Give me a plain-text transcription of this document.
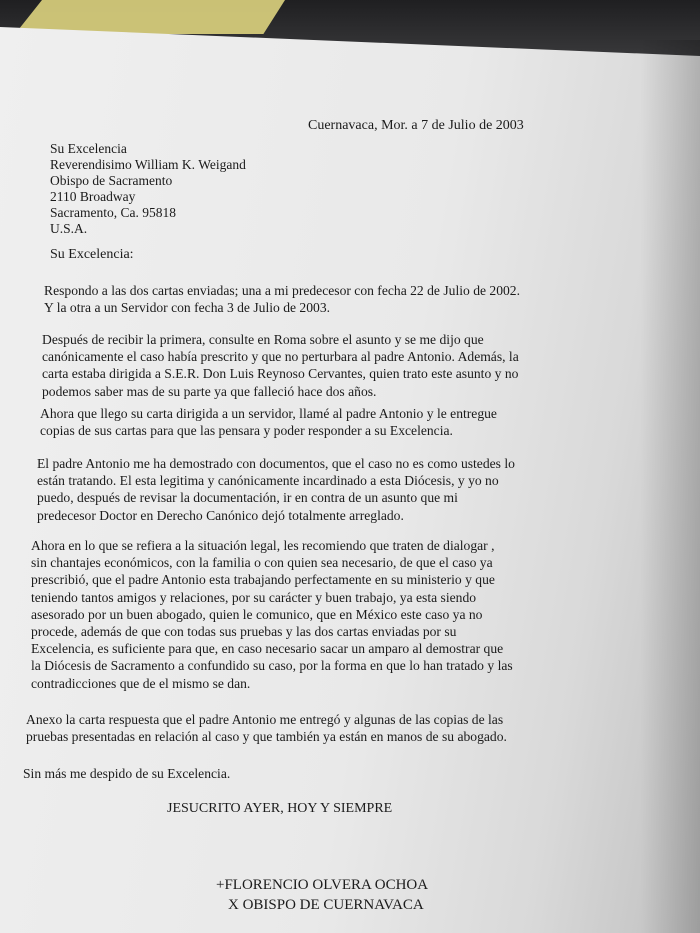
Cuernavaca, Mor. a 7 de Julio de 2003
Su Excelencia
Reverendisimo William K. Weigand
Obispo de Sacramento
2110 Broadway
Sacramento, Ca. 95818
U.S.A.
Su Excelencia:
Respondo a las dos cartas enviadas; una a mi predecesor con fecha 22 de Julio de 2002.
Y la otra a un Servidor con fecha 3 de Julio de 2003.
Después de recibir la primera, consulte en Roma sobre el asunto y se me dijo que
canónicamente el caso había prescrito y que no perturbara al padre Antonio. Además, la
carta estaba dirigida a S.E.R. Don Luis Reynoso Cervantes, quien trato este asunto y no
podemos saber mas de su parte ya que falleció hace dos años.
Ahora que llego su carta dirigida a un servidor, llamé al padre Antonio y le entregue
copias de sus cartas para que las pensara y poder responder a su Excelencia.
El padre Antonio me ha demostrado con documentos, que el caso no es como ustedes lo
están tratando. El esta legitima y canónicamente incardinado a esta Diócesis, y yo no
puedo, después de revisar la documentación, ir en contra de un asunto que mi
predecesor Doctor en Derecho Canónico dejó totalmente arreglado.
Ahora en lo que se refiera a la situación legal, les recomiendo que traten de dialogar ,
sin chantajes económicos, con la familia o con quien sea necesario, de que el caso ya
prescribió, que el padre Antonio esta trabajando perfectamente en su ministerio y que
teniendo tantos amigos y relaciones, por su carácter y buen trabajo, ya esta siendo
asesorado por un buen abogado, quien le comunico, que en México este caso ya no
procede, además de que con todas sus pruebas y las dos cartas enviadas por su
Excelencia, es suficiente para que, en caso necesario sacar un amparo al demostrar que
la Diócesis de Sacramento a confundido su caso, por la forma en que lo han tratado y las
contradicciones que de el mismo se dan.
Anexo la carta respuesta que el padre Antonio me entregó y algunas de las copias de las
pruebas presentadas en relación al caso y que también ya están en manos de su abogado.
Sin más me despido de su Excelencia.
JESUCRITO AYER, HOY Y SIEMPRE
+FLORENCIO OLVERA OCHOA
X OBISPO DE CUERNAVACA
